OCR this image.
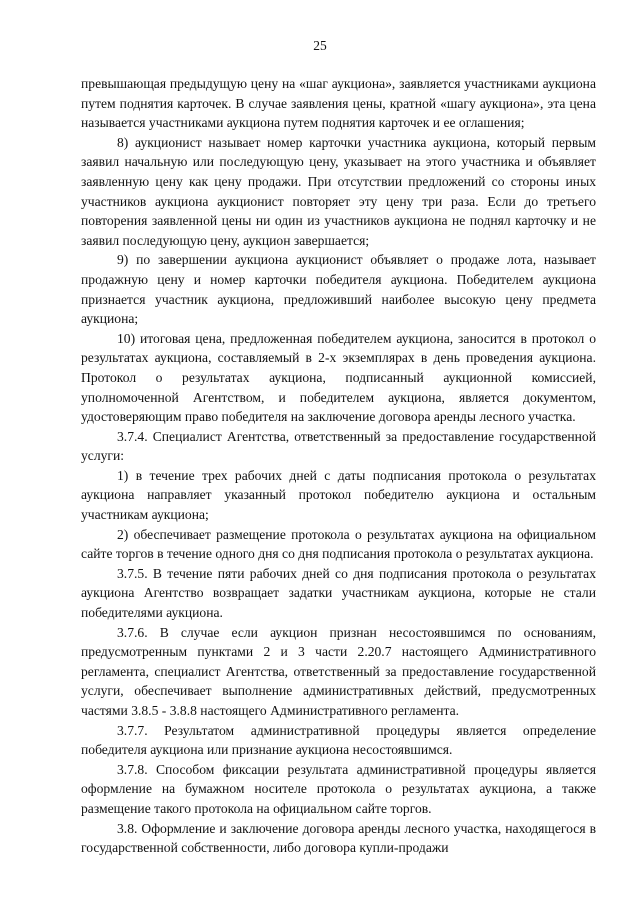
25

превышающая предыдущую цену на «шаг аукциона», заявляется участниками аукциона путем поднятия карточек. В случае заявления цены, кратной «шагу аукциона», эта цена называется участниками аукциона путем поднятия карточек и ее оглашения;

8) аукционист называет номер карточки участника аукциона, который первым заявил начальную или последующую цену, указывает на этого участника и объявляет заявленную цену как цену продажи. При отсутствии предложений со стороны иных участников аукциона аукционист повторяет эту цену три раза. Если до третьего повторения заявленной цены ни один из участников аукциона не поднял карточку и не заявил последующую цену, аукцион завершается;

9) по завершении аукциона аукционист объявляет о продаже лота, называет продажную цену и номер карточки победителя аукциона. Победителем аукциона признается участник аукциона, предложивший наиболее высокую цену предмета аукциона;

10) итоговая цена, предложенная победителем аукциона, заносится в протокол о результатах аукциона, составляемый в 2-х экземплярах в день проведения аукциона. Протокол о результатах аукциона, подписанный аукционной комиссией, уполномоченной Агентством, и победителем аукциона, является документом, удостоверяющим право победителя на заключение договора аренды лесного участка.

3.7.4. Специалист Агентства, ответственный за предоставление государственной услуги:

1) в течение трех рабочих дней с даты подписания протокола о результатах аукциона направляет указанный протокол победителю аукциона и остальным участникам аукциона;

2) обеспечивает размещение протокола о результатах аукциона на официальном сайте торгов в течение одного дня со дня подписания протокола о результатах аукциона.

3.7.5. В течение пяти рабочих дней со дня подписания протокола о результатах аукциона Агентство возвращает задатки участникам аукциона, которые не стали победителями аукциона.

3.7.6. В случае если аукцион признан несостоявшимся по основаниям, предусмотренным пунктами 2 и 3 части 2.20.7 настоящего Административного регламента, специалист Агентства, ответственный за предоставление государственной услуги, обеспечивает выполнение административных действий, предусмотренных частями 3.8.5 - 3.8.8 настоящего Административного регламента.

3.7.7. Результатом административной процедуры является определение победителя аукциона или признание аукциона несостоявшимся.

3.7.8. Способом фиксации результата административной процедуры является оформление на бумажном носителе протокола о результатах аукциона, а также размещение такого протокола на официальном сайте торгов.

3.8. Оформление и заключение договора аренды лесного участка, находящегося в государственной собственности, либо договора купли-продажи
